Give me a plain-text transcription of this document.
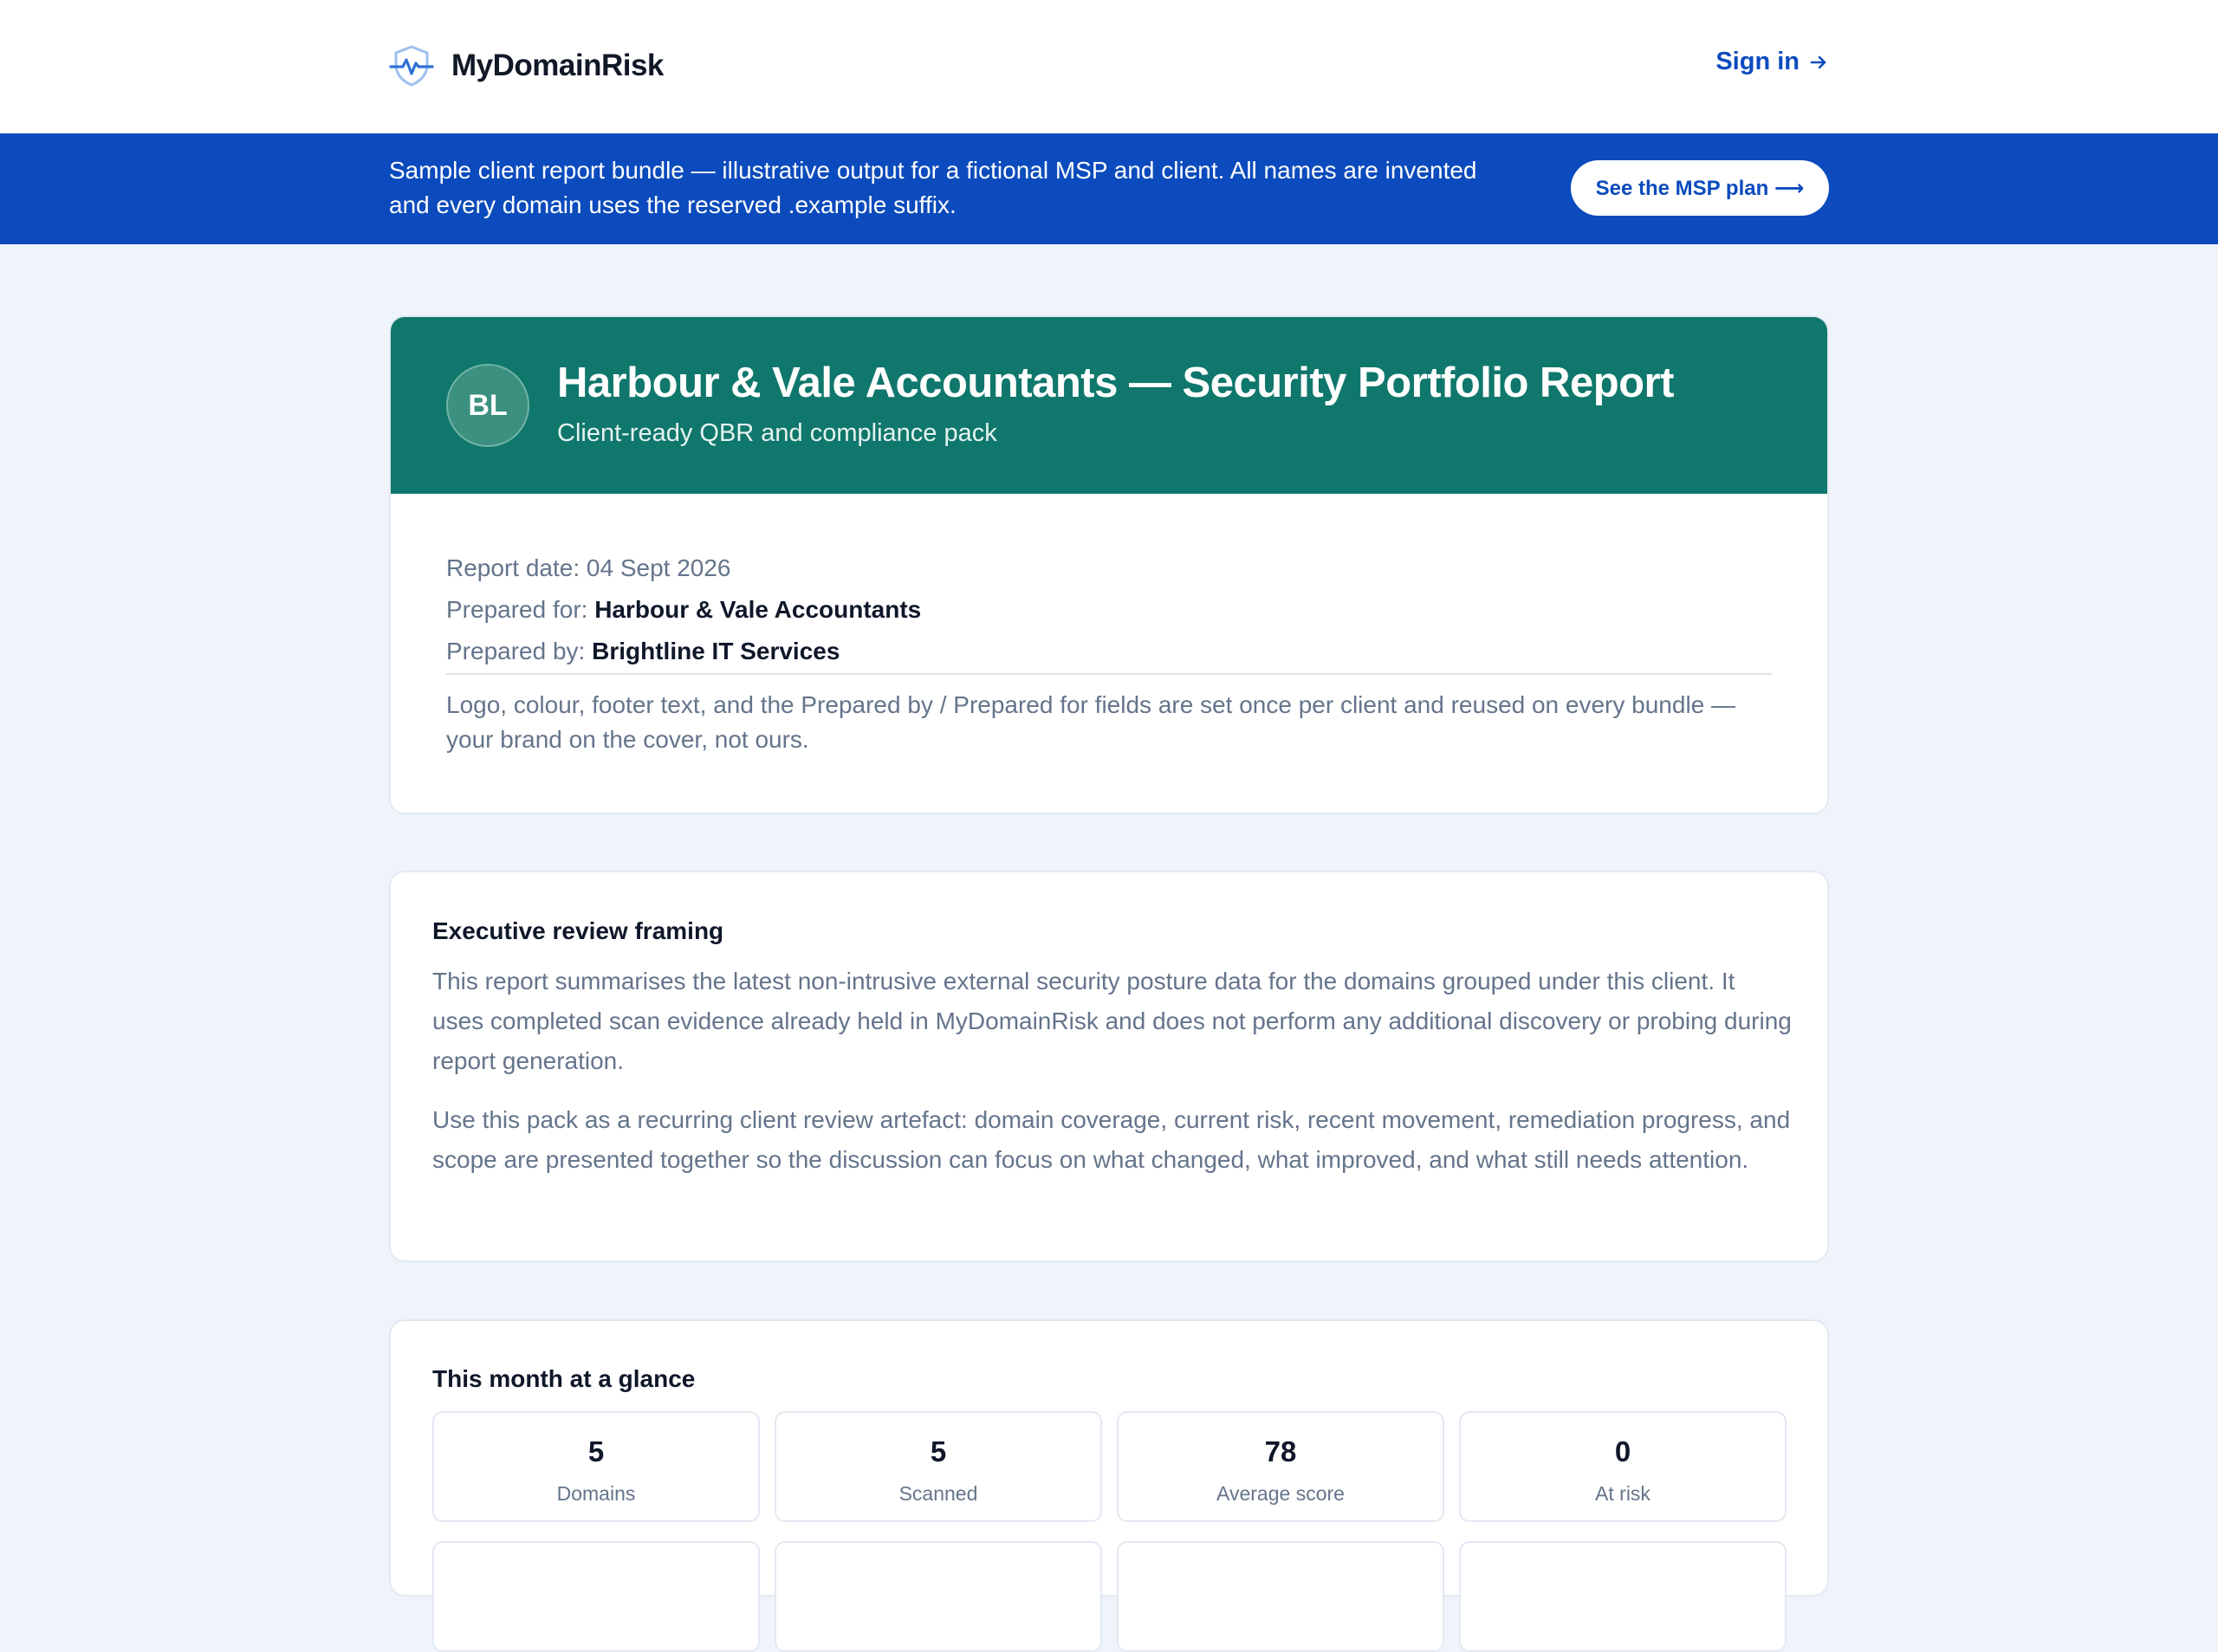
MyDomainRisk	Sign in
Sample client report bundle — illustrative output for a fictional MSP and client. All names are invented and every domain uses the reserved .example suffix.
See the MSP plan ⟶
BL	Harbour & Vale Accountants — Security Portfolio Report
Client-ready QBR and compliance pack
Report date: 04 Sept 2026
Prepared for: Harbour & Vale Accountants
Prepared by: Brightline IT Services
Logo, colour, footer text, and the Prepared by / Prepared for fields are set once per client and reused on every bundle — your brand on the cover, not ours.
Executive review framing
This report summarises the latest non-intrusive external security posture data for the domains grouped under this client. It uses completed scan evidence already held in MyDomainRisk and does not perform any additional discovery or probing during report generation.
Use this pack as a recurring client review artefact: domain coverage, current risk, recent movement, remediation progress, and scope are presented together so the discussion can focus on what changed, what improved, and what still needs attention.
This month at a glance
5
Domains
5
Scanned
78
Average score
0
At risk
